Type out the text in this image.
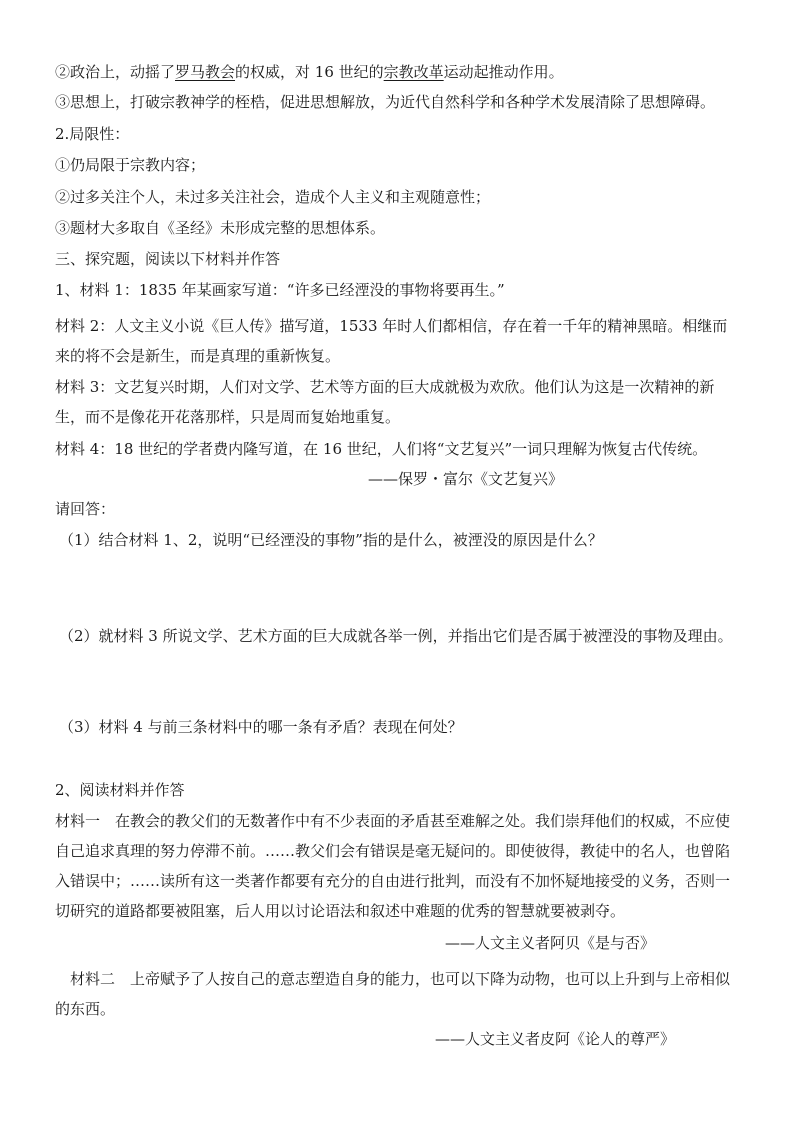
②政治上，动摇了罗马教会的权威，对 16 世纪的宗教改革运动起推动作用。
③思想上，打破宗教神学的桎梏，促进思想解放，为近代自然科学和各种学术发展清除了思想障碍。
2.局限性：
①仍局限于宗教内容；
②过多关注个人，未过多关注社会，造成个人主义和主观随意性；
③题材大多取自《圣经》未形成完整的思想体系。
三、探究题，阅读以下材料并作答
1、材料 1：1835 年某画家写道：“许多已经湮没的事物将要再生。”
材料 2：人文主义小说《巨人传》描写道，1533 年时人们都相信，存在着一千年的精神黑暗。相继而来的将不会是新生，而是真理的重新恢复。
材料 3：文艺复兴时期，人们对文学、艺术等方面的巨大成就极为欢欣。他们认为这是一次精神的新生，而不是像花开花落那样，只是周而复始地重复。
材料 4：18 世纪的学者费内隆写道，在 16 世纪，人们将“文艺复兴”一词只理解为恢复古代传统。
——保罗・富尔《文艺复兴》
请回答：
（1）结合材料 1、2，说明“已经湮没的事物”指的是什么，被湮没的原因是什么？
（2）就材料 3 所说文学、艺术方面的巨大成就各举一例，并指出它们是否属于被湮没的事物及理由。
（3）材料 4 与前三条材料中的哪一条有矛盾？表现在何处？
2、阅读材料并作答
材料一　在教会的教父们的无数著作中有不少表面的矛盾甚至难解之处。我们崇拜他们的权威，不应使自己追求真理的努力停滞不前。……教父们会有错误是毫无疑问的。即使彼得，教徒中的名人，也曾陷入错误中；……读所有这一类著作都要有充分的自由进行批判，而没有不加怀疑地接受的义务，否则一切研究的道路都要被阻塞，后人用以讨论语法和叙述中难题的优秀的智慧就要被剥夺。
——人文主义者阿贝《是与否》
材料二　上帝赋予了人按自己的意志塑造自身的能力，也可以下降为动物，也可以上升到与上帝相似的东西。
——人文主义者皮阿《论人的尊严》
